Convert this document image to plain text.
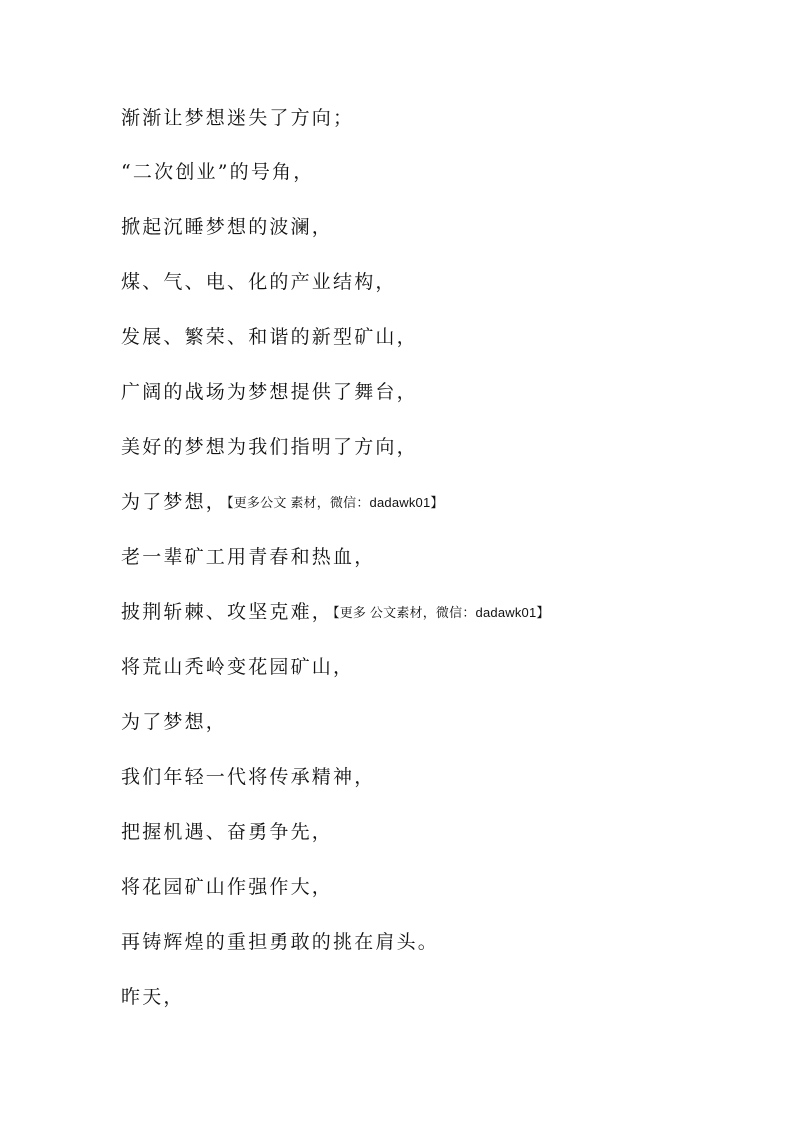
渐渐让梦想迷失了方向；
“二次创业”的号角，
掀起沉睡梦想的波澜，
煤、气、电、化的产业结构，
发展、繁荣、和谐的新型矿山，
广阔的战场为梦想提供了舞台，
美好的梦想为我们指明了方向，
为了梦想，【更多公文 素材，微信：dadawk01】
老一辈矿工用青春和热血，
披荆斩棘、攻坚克难，【更多 公文素材，微信：dadawk01】
将荒山秃岭变花园矿山，
为了梦想，
我们年轻一代将传承精神，
把握机遇、奋勇争先，
将花园矿山作强作大，
再铸辉煌的重担勇敢的挑在肩头。
昨天，
